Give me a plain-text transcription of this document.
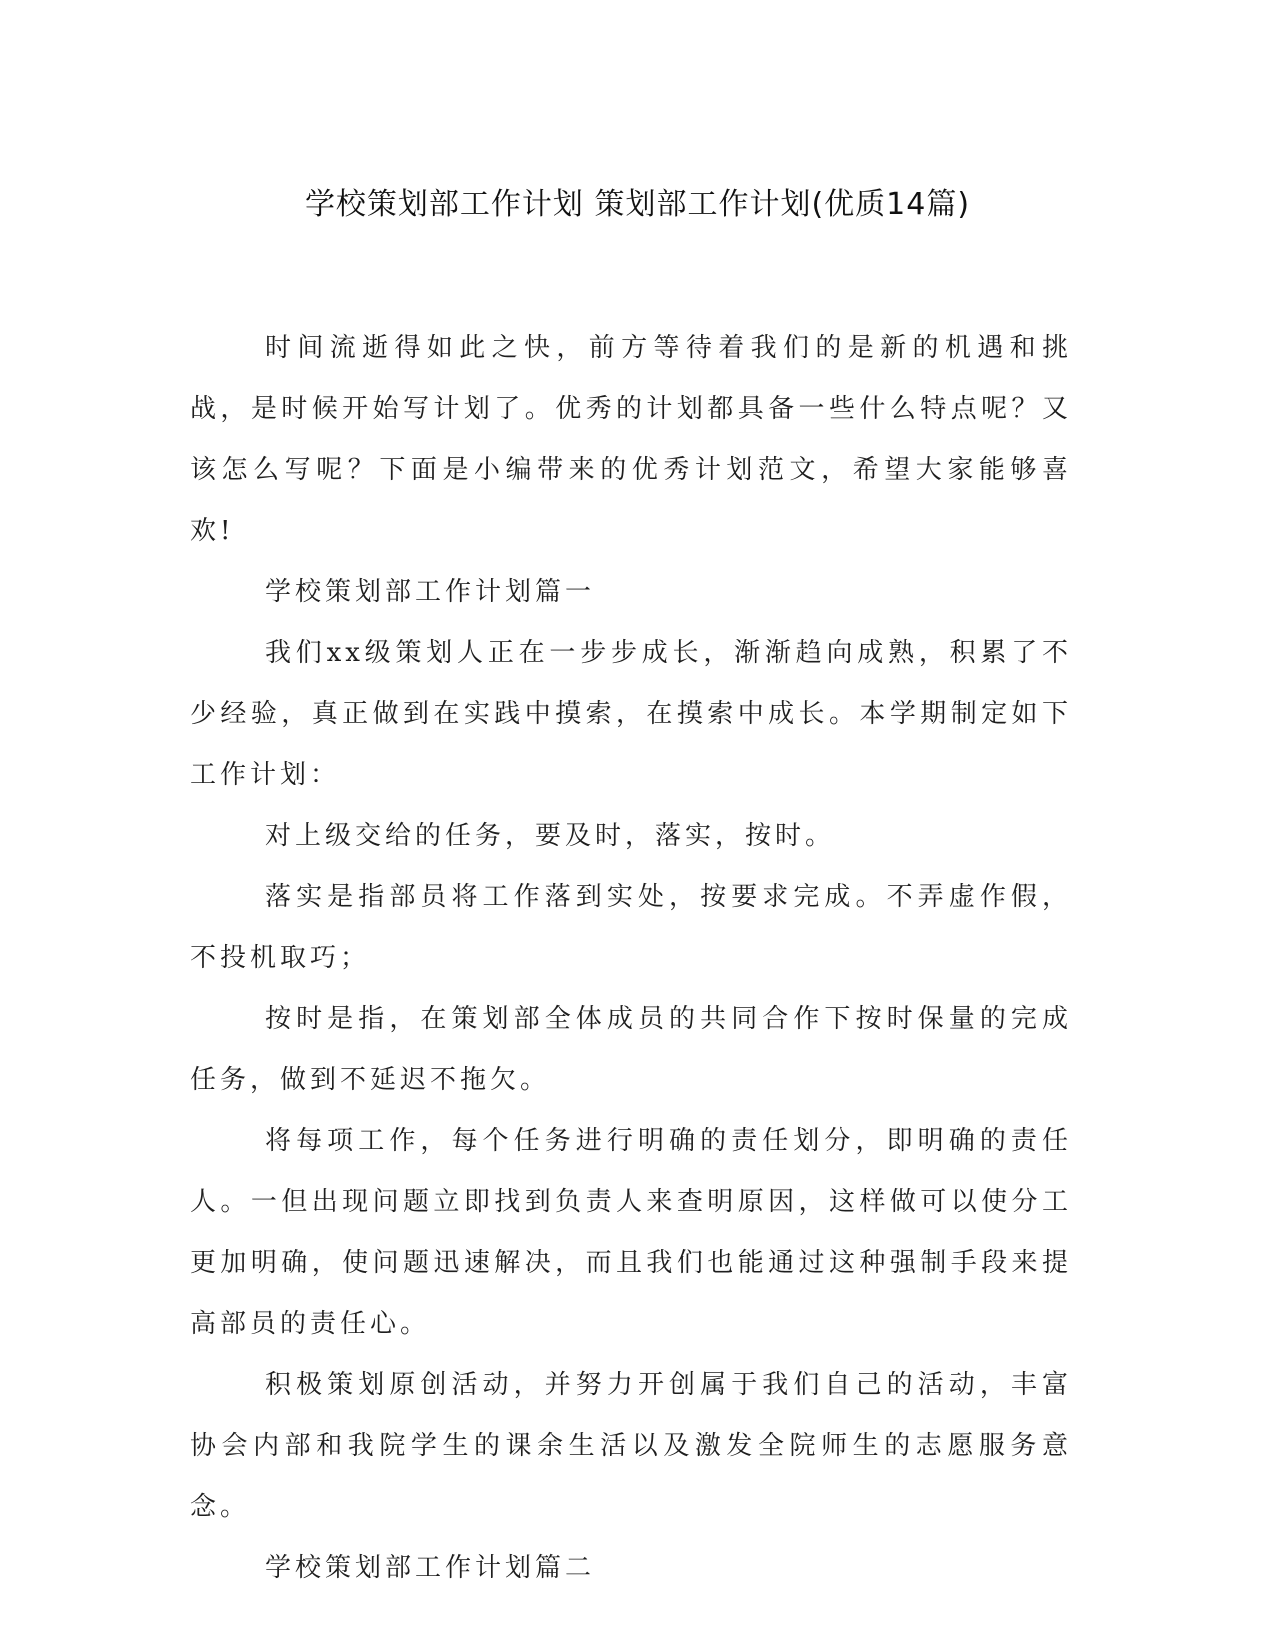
学校策划部工作计划 策划部工作计划(优质14篇)

时间流逝得如此之快，前方等待着我们的是新的机遇和挑战，是时候开始写计划了。优秀的计划都具备一些什么特点呢？又该怎么写呢？下面是小编带来的优秀计划范文，希望大家能够喜欢!

学校策划部工作计划篇一

我们xx级策划人正在一步步成长，渐渐趋向成熟，积累了不少经验，真正做到在实践中摸索，在摸索中成长。本学期制定如下工作计划：

对上级交给的任务，要及时，落实，按时。

落实是指部员将工作落到实处，按要求完成。不弄虚作假，不投机取巧；

按时是指，在策划部全体成员的共同合作下按时保量的完成任务，做到不延迟不拖欠。

将每项工作，每个任务进行明确的责任划分，即明确的责任人。一但出现问题立即找到负责人来查明原因，这样做可以使分工更加明确，使问题迅速解决，而且我们也能通过这种强制手段来提高部员的责任心。

积极策划原创活动，并努力开创属于我们自己的活动，丰富协会内部和我院学生的课余生活以及激发全院师生的志愿服务意念。

学校策划部工作计划篇二
